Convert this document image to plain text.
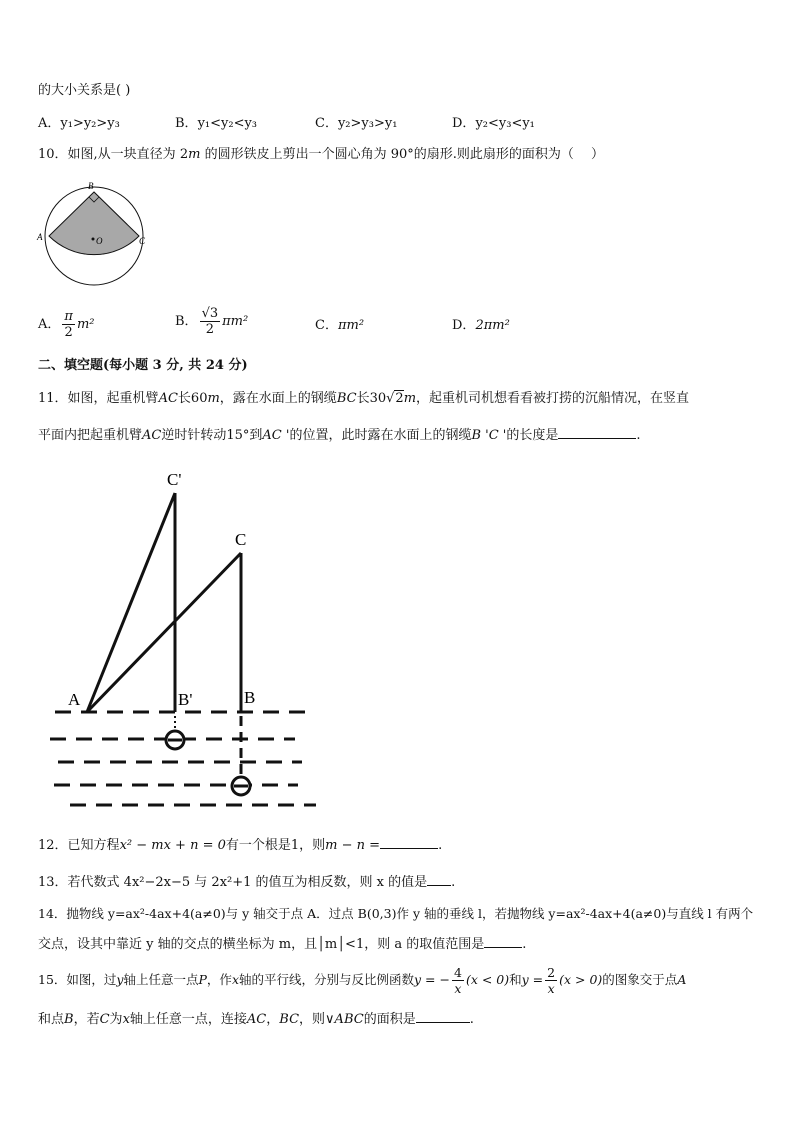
的大小关系是( )
A．y₁>y₂>y₃	B．y₁<y₂<y₃	C．y₂>y₃>y₁	D．y₂<y₃<y₁
10．如图,从一块直径为 2m 的圆形铁皮上剪出一个圆心角为 90°的扇形.则此扇形的面积为（　 ）
B
A	C
O
A． $\frac{\pi}{2} m^2$	B． $\frac{√3}{2} \pi m^2$	C．πm²	D．2πm²
二、填空题(每小题 3 分, 共 24 分)
11．如图，起重机臂AC长60m，露在水面上的钢缆BC长30√2m，起重机司机想看看被打捞的沉船情况，在竖直
平面内把起重机臂AC逆时针转动15°到AC '的位置，此时露在水面上的钢缆B 'C '的长度是	.
C'
C
A	B'	B
12．已知方程x² − mx + n = 0有一个根是1，则m − n =	.
13．若代数式 4x²−2x−5 与 2x²+1 的值互为相反数，则 x 的值是 .
14．抛物线 y=ax²-4ax+4(a≠0)与 y 轴交于点 A．过点 B(0,3)作 y 轴的垂线 l，若抛物线 y=ax²-4ax+4(a≠0)与直线 l 有两个
交点，设其中靠近 y 轴的交点的横坐标为 m，且│m│<1，则 a 的取值范围是	.
15．如图，过y轴上任意一点P，作x轴的平行线，分别与反比例函数y = − $\frac{4}{x} (x < 0)$和$y = \frac{2}{x} (x > 0)$的图象交于点A
和点B，若C为x轴上任意一点，连接AC，BC，则∨ABC的面积是	.
